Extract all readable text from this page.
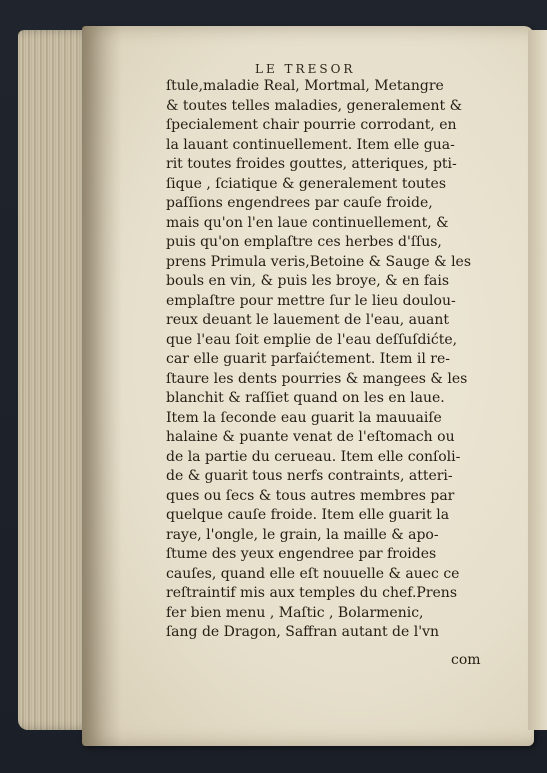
LE TRESOR
ſtule,maladie Real, Mortmal, Metangre
& toutes telles maladies, generalement &
ſpecialement chair pourrie corrodant, en
la lauant continuellement. Item elle gua-
rit toutes froides gouttes, atteriques, pti-
ſique , ſciatique & generalement toutes
paſſions engendrees par cauſe froide,
mais qu'on l'en laue continuellement, &
puis qu'on emplaſtre ces herbes d'ſſus,
prens Primula veris,Betoine & Sauge & les
bouls en vin, & puis les broye, & en fais
emplaſtre pour mettre ſur le lieu doulou-
reux deuant le lauement de l'eau, auant
que l'eau ſoit emplie de l'eau deſſuſdićte,
car elle guarit parfaićtement. Item il re-
ſtaure les dents pourries & mangees & les
blanchit & raſſiet quand on les en laue.
Item la ſeconde eau guarit la mauuaiſe
halaine & puante venat de l'eſtomach ou
de la partie du cerueau. Item elle conſoli-
de & guarit tous nerfs contraints, atteri-
ques ou ſecs & tous autres membres par
quelque cauſe froide. Item elle guarit la
raye, l'ongle, le grain, la maille & apo-
ſtume des yeux engendree par froides
cauſes, quand elle eſt nouuelle & auec ce
reſtraintif mis aux temples du chef.Prens
fer bien menu , Maſtic , Bolarmenic,
ſang de Dragon, Saffran autant de l'vn
com
